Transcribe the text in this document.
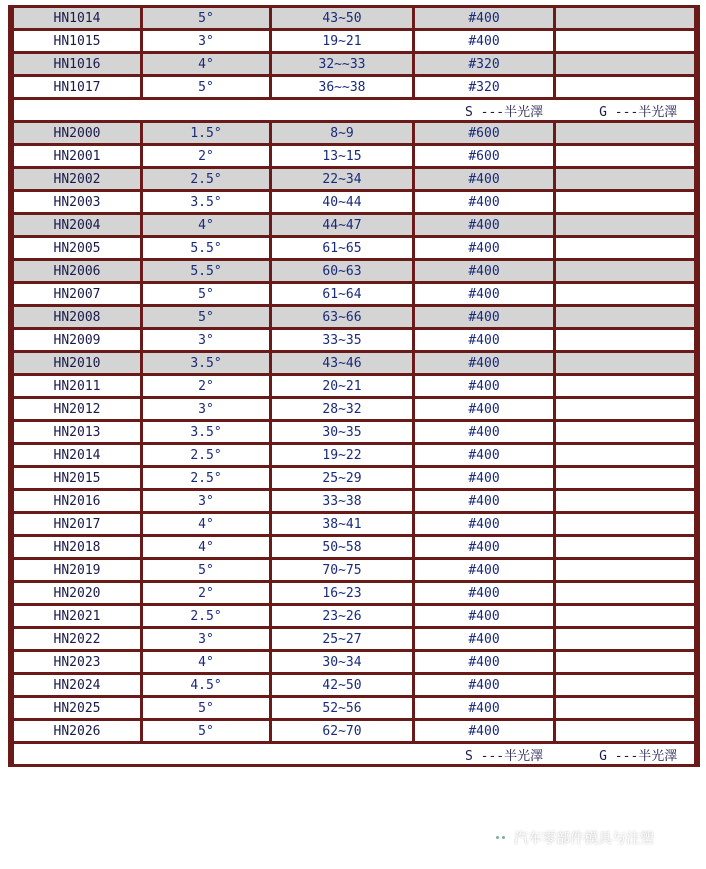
HN1014	5°	43~50	#400	
HN1015	3°	19~21	#400	
HN1016	4°	32~~33	#320	
HN1017	5°	36~~38	#320	
S ---半光澤 G ---半光澤				
HN2000	1.5°	8~9	#600	
HN2001	2°	13~15	#600	
HN2002	2.5°	22~34	#400	
HN2003	3.5°	40~44	#400	
HN2004	4°	44~47	#400	
HN2005	5.5°	61~65	#400	
HN2006	5.5°	60~63	#400	
HN2007	5°	61~64	#400	
HN2008	5°	63~66	#400	
HN2009	3°	33~35	#400	
HN2010	3.5°	43~46	#400	
HN2011	2°	20~21	#400	
HN2012	3°	28~32	#400	
HN2013	3.5°	30~35	#400	
HN2014	2.5°	19~22	#400	
HN2015	2.5°	25~29	#400	
HN2016	3°	33~38	#400	
HN2017	4°	38~41	#400	
HN2018	4°	50~58	#400	
HN2019	5°	70~75	#400	
HN2020	2°	16~23	#400	
HN2021	2.5°	23~26	#400	
HN2022	3°	25~27	#400	
HN2023	4°	30~34	#400	
HN2024	4.5°	42~50	#400	
HN2025	5°	52~56	#400	
HN2026	5°	62~70	#400	
S ---半光澤 G ---半光澤				
汽车零部件模具与注塑
